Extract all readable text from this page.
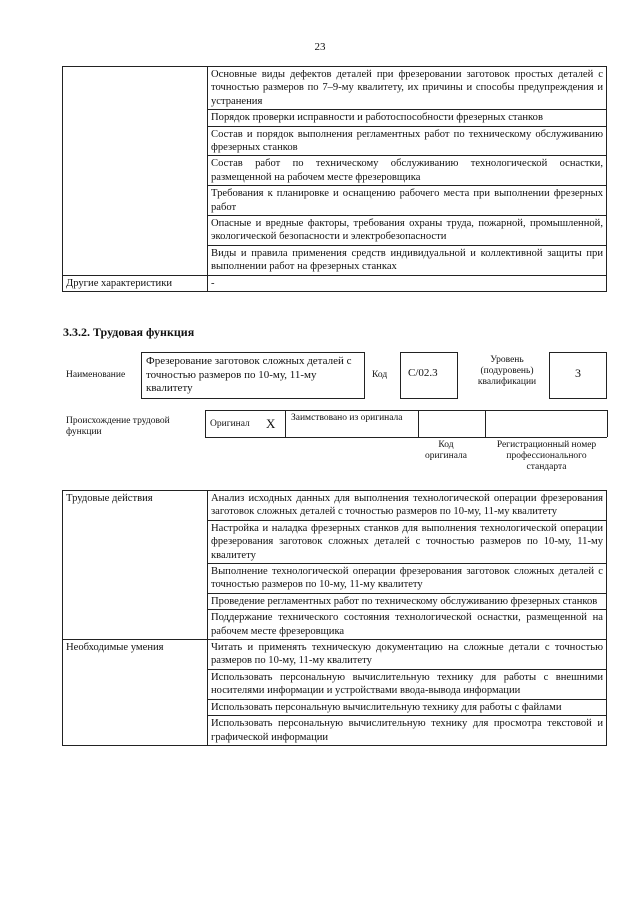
23
	Основные виды дефектов деталей при фрезеровании заготовок простых деталей с точностью размеров по 7–9-му квалитету, их причины и способы предупреждения и устранения
	Порядок проверки исправности и работоспособности фрезерных станков
	Состав и порядок выполнения регламентных работ по техническому обслуживанию фрезерных станков
	Состав работ по техническому обслуживанию технологической оснастки, размещенной на рабочем месте фрезеровщика
	Требования к планировке и оснащению рабочего места при выполнении фрезерных работ
	Опасные и вредные факторы, требования охраны труда, пожарной, промышленной, экологической безопасности и электробезопасности
	Виды и правила применения средств индивидуальной и коллективной защиты при выполнении работ на фрезерных станках
Другие характеристики	-
3.3.2. Трудовая функция
Наименование
Фрезерование заготовок сложных деталей с точностью размеров по 10-му, 11-му квалитету
Код	C/02.3
Уровень (подуровень) квалификации
3
Происхождение трудовой функции
Оригинал X Заимствовано из оригинала
Код оригинала
Регистрационный номер профессионального стандарта
Трудовые действия	Анализ исходных данных для выполнения технологической операции фрезерования заготовок сложных деталей с точностью размеров по 10-му, 11-му квалитету
	Настройка и наладка фрезерных станков для выполнения технологической операции фрезерования заготовок сложных деталей с точностью размеров по 10-му, 11-му квалитету
	Выполнение технологической операции фрезерования заготовок сложных деталей с точностью размеров по 10-му, 11-му квалитету
	Проведение регламентных работ по техническому обслуживанию фрезерных станков
	Поддержание технического состояния технологической оснастки, размещенной на рабочем месте фрезеровщика
Необходимые умения	Читать и применять техническую документацию на сложные детали с точностью размеров по 10-му, 11-му квалитету
	Использовать персональную вычислительную технику для работы с внешними носителями информации и устройствами ввода-вывода информации
	Использовать персональную вычислительную технику для работы с файлами
	Использовать персональную вычислительную технику для просмотра текстовой и графической информации
